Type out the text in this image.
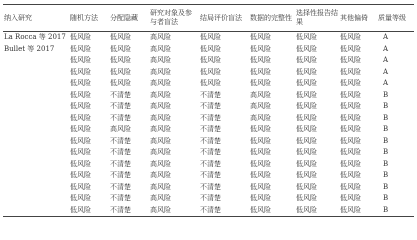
纳入研究	随机方法	分配隐藏	研究对象及参与者盲法	结局评价盲法	数据的完整性	选择性报告结果	其他偏倚	质量等级
La Rocca 等 2017	低风险	低风险	高风险	低风险	低风险	低风险	低风险	A
Bullet 等 2017	低风险	低风险	高风险	低风险	低风险	低风险	低风险	A
	低风险	低风险	高风险	低风险	低风险	低风险	低风险	A
	低风险	低风险	高风险	低风险	低风险	低风险	低风险	A
	低风险	低风险	高风险	低风险	低风险	低风险	低风险	A
	低风险	不清楚	高风险	不清楚	高风险	低风险	低风险	B
	低风险	不清楚	高风险	不清楚	高风险	低风险	低风险	B
	低风险	不清楚	高风险	不清楚	高风险	低风险	低风险	B
	低风险	高风险	高风险	不清楚	低风险	低风险	低风险	B
	低风险	不清楚	高风险	不清楚	低风险	低风险	低风险	B
	低风险	不清楚	高风险	不清楚	低风险	低风险	低风险	B
	低风险	不清楚	高风险	不清楚	低风险	低风险	低风险	B
	低风险	不清楚	高风险	不清楚	低风险	低风险	低风险	B
	低风险	不清楚	高风险	不清楚	低风险	低风险	低风险	B
	低风险	不清楚	高风险	不清楚	低风险	低风险	低风险	B
	低风险	不清楚	高风险	不清楚	低风险	低风险	低风险	B
